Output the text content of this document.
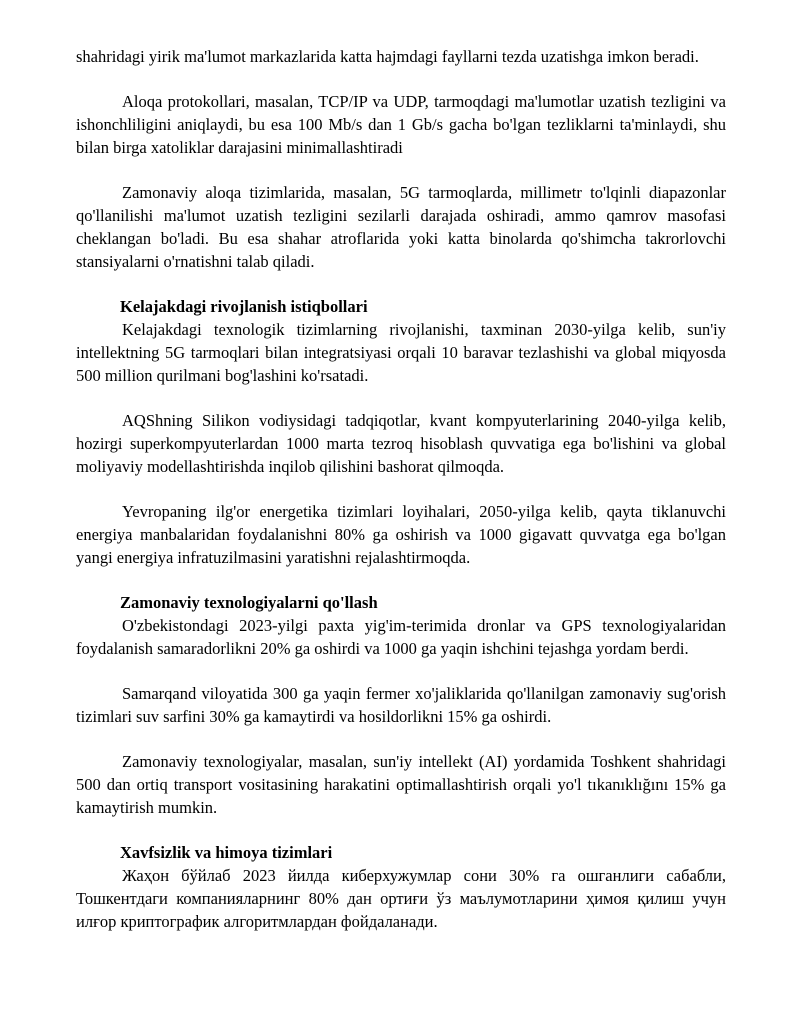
shahridagi yirik ma'lumot markazlarida katta hajmdagi fayllarni tezda uzatishga imkon beradi.

Aloqa protokollari, masalan, TCP/IP va UDP, tarmoqdagi ma'lumotlar uzatish tezligini va ishonchliligini aniqlaydi, bu esa 100 Mb/s dan 1 Gb/s gacha bo'lgan tezliklarni ta'minlaydi, shu bilan birga xatoliklar darajasini minimallashtiradi

Zamonaviy aloqa tizimlarida, masalan, 5G tarmoqlarda, millimetr to'lqinli diapazonlar qo'llanilishi ma'lumot uzatish tezligini sezilarli darajada oshiradi, ammo qamrov masofasi cheklangan bo'ladi. Bu esa shahar atroflarida yoki katta binolarda qo'shimcha takrorlovchi stansiyalarni o'rnatishni talab qiladi.

Kelajakdagi rivojlanish istiqbollari

Kelajakdagi texnologik tizimlarning rivojlanishi, taxminan 2030-yilga kelib, sun'iy intellektning 5G tarmoqlari bilan integratsiyasi orqali 10 baravar tezlashishi va global miqyosda 500 million qurilmani bog'lashini ko'rsatadi.

AQShning Silikon vodiysidagi tadqiqotlar, kvant kompyuterlarining 2040-yilga kelib, hozirgi superkompyuterlardan 1000 marta tezroq hisoblash quvvatiga ega bo'lishini va global moliyaviy modellashtirishda inqilob qilishini bashorat qilmoqda.

Yevropaning ilg'or energetika tizimlari loyihalari, 2050-yilga kelib, qayta tiklanuvchi energiya manbalaridan foydalanishni 80% ga oshirish va 1000 gigavatt quvvatga ega bo'lgan yangi energiya infratuzilmasini yaratishni rejalashtirmoqda.

Zamonaviy texnologiyalarni qo'llash

O'zbekistondagi 2023-yilgi paxta yig'im-terimida dronlar va GPS texnologiyalaridan foydalanish samaradorlikni 20% ga oshirdi va 1000 ga yaqin ishchini tejashga yordam berdi.

Samarqand viloyatida 300 ga yaqin fermer xo'jaliklarida qo'llanilgan zamonaviy sug'orish tizimlari suv sarfini 30% ga kamaytirdi va hosildorlikni 15% ga oshirdi.

Zamonaviy texnologiyalar, masalan, sun'iy intellekt (AI) yordamida Toshkent shahridagi 500 dan ortiq transport vositasining harakatini optimallashtirish orqali yo'l tıkanıklığını 15% ga kamaytirish mumkin.

Xavfsizlik va himoya tizimlari

Жаҳон бўйлаб 2023 йилда киберхужумлар сони 30% га ошганлиги сабабли, Тошкентдаги компанияларнинг 80% дан ортиғи ўз маълумотларини ҳимоя қилиш учун илғор криптографик алгоритмлардан фойдаланади.
